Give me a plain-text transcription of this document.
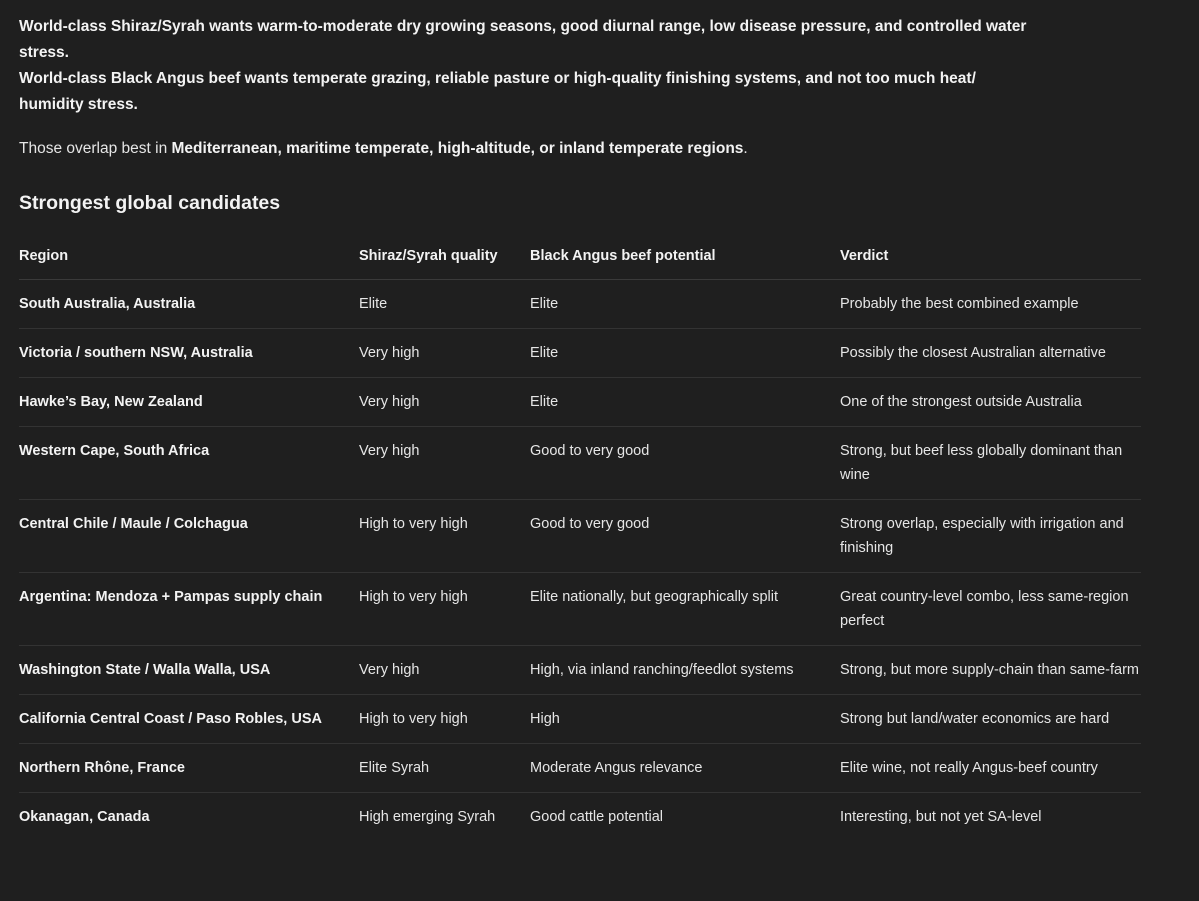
World-class Shiraz/Syrah wants warm-to-moderate dry growing seasons, good diurnal range, low disease pressure, and controlled water stress.

World-class Black Angus beef wants temperate grazing, reliable pasture or high-quality finishing systems, and not too much heat/ humidity stress.

Those overlap best in Mediterranean, maritime temperate, high-altitude, or inland temperate regions.

Strongest global candidates
Region	Shiraz/Syrah quality	Black Angus beef potential	Verdict
South Australia, Australia	Elite	Elite	Probably the best combined example
Victoria / southern NSW, Australia	Very high	Elite	Possibly the closest Australian alternative
Hawke’s Bay, New Zealand	Very high	Elite	One of the strongest outside Australia
Western Cape, South Africa	Very high	Good to very good	Strong, but beef less globally dominant than wine
Central Chile / Maule / Colchagua	High to very high	Good to very good	Strong overlap, especially with irrigation and finishing
Argentina: Mendoza + Pampas supply chain	High to very high	Elite nationally, but geographically split	Great country-level combo, less same-region perfect
Washington State / Walla Walla, USA	Very high	High, via inland ranching/feedlot systems	Strong, but more supply-chain than same-farm
California Central Coast / Paso Robles, USA	High to very high	High	Strong but land/water economics are hard
Northern Rhône, France	Elite Syrah	Moderate Angus relevance	Elite wine, not really Angus-beef country
Okanagan, Canada	High emerging Syrah	Good cattle potential	Interesting, but not yet SA-level
